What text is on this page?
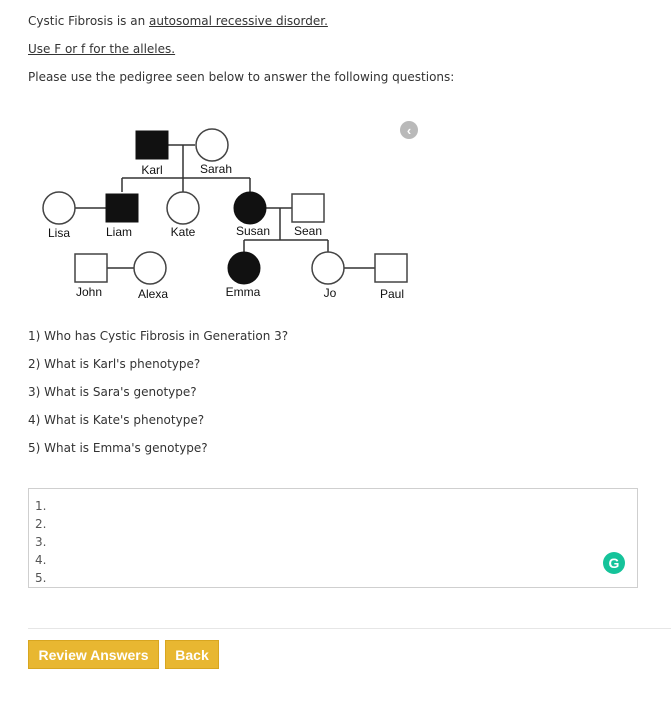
Cystic Fibrosis is an autosomal recessive disorder.
Use F or f for the alleles.
Please use the pedigree seen below to answer the following questions:
Karl	Sarah
Lisa	Liam	Kate	Susan Sean
John	Alexa	Emma	Jo	Paul
‹
1) Who has Cystic Fibrosis in Generation 3?
2) What is Karl's phenotype?
3) What is Sara's genotype?
4) What is Kate's phenotype?
5) What is Emma's genotype?
1.
2.
3.
4.
5.
G
Review Answers	Back
